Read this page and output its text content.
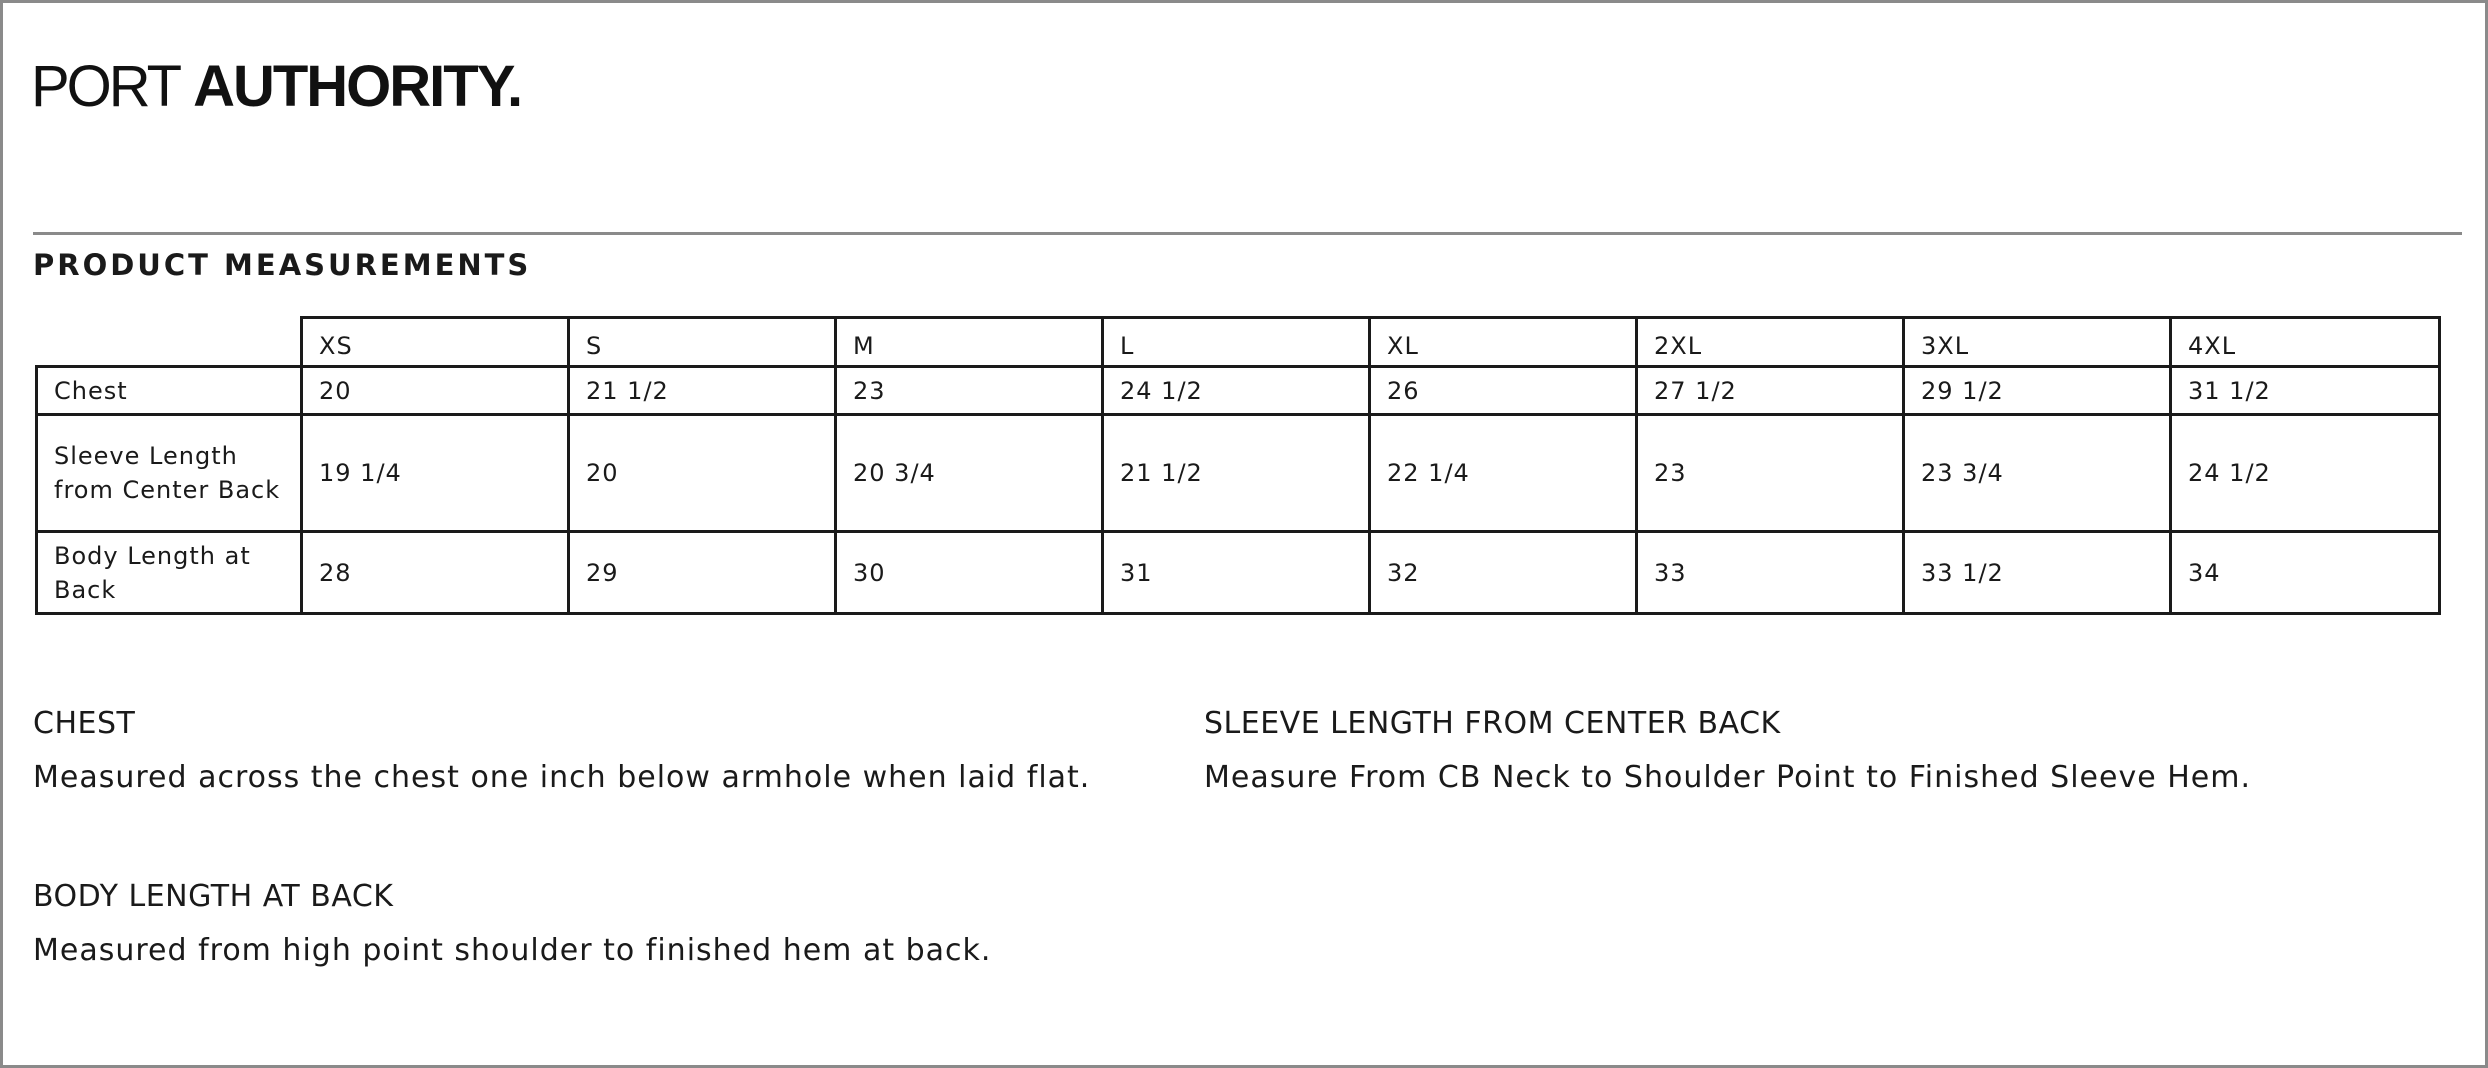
PORT AUTHORITY.
PRODUCT MEASUREMENTS
	XS	S	M	L	XL	2XL	3XL	4XL
Chest	20	21 1/2	23	24 1/2	26	27 1/2	29 1/2	31 1/2
Sleeve Length from Center Back	19 1/4	20	20 3/4	21 1/2	22 1/4	23	23 3/4	24 1/2
Body Length at Back	28	29	30	31	32	33	33 1/2	34
CHEST
Measured across the chest one inch below armhole when laid flat.
SLEEVE LENGTH FROM CENTER BACK
Measure From CB Neck to Shoulder Point to Finished Sleeve Hem.
BODY LENGTH AT BACK
Measured from high point shoulder to finished hem at back.
